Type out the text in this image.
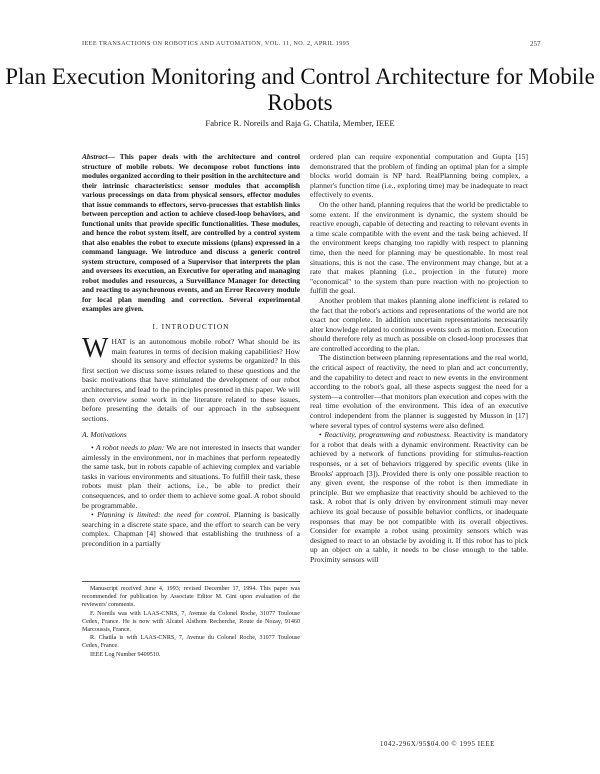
IEEE TRANSACTIONS ON ROBOTICS AND AUTOMATION, VOL. 11, NO. 2, APRIL 1995	257
Plan Execution Monitoring and Control Architecture for Mobile Robots
Fabrice R. Noreils and Raja G. Chatila, Member, IEEE

Abstract— This paper deals with the architecture and control structure of mobile robots. We decompose robot functions into modules organized according to their position in the architecture and their intrinsic characteristics: sensor modules that accomplish various processings on data from physical sensors, effector modules that issue commands to effectors, servo-processes that establish links between perception and action to achieve closed-loop behaviors, and functional units that provide specific functionalities. These modules, and hence the robot system itself, are controlled by a control system that also enables the robot to execute missions (plans) expressed in a command language. We introduce and discuss a generic control system structure, composed of a Supervisor that interprets the plan and oversees its execution, an Executive for operating and managing robot modules and resources, a Surveillance Manager for detecting and reacting to asynchronous events, and an Error Recovery module for local plan mending and correction. Several experimental examples are given.

I. INTRODUCTION

WHAT is an autonomous mobile robot? What should be its main features in terms of decision making capabilities? How should its sensory and effector systems be organized? In this first section we discuss some issues related to these questions and the basic motivations that have stimulated the development of our robot architectures, and lead to the principles presented in this paper. We will then overview some work in the literature related to these issues, before presenting the details of our approach in the subsequent sections.

A. Motivations

• A robot needs to plan: We are not interested in insects that wander aimlessly in the environment, nor in machines that perform repeatedly the same task, but in robots capable of achieving complex and variable tasks in various environments and situations. To fulfill their task, these robots must plan their actions, i.e., be able to predict their consequences, and to order them to achieve some goal. A robot should be programmable.

• Planning is limited: the need for control. Planning is basically searching in a discrete state space, and the effort to search can be very complex. Chapman [4] showed that establishing the truthness of a precondition in a partially

Manuscript received June 4, 1993; revised December 17, 1994. This paper was recommended for publication by Associate Editor M. Gini upon evaluation of the reviewers' comments.

F. Noreils was with LAAS-CNRS, 7, Avenue du Colonel Roche, 31077 Toulouse Cedex, France. He is now with Alcatel Alsthom Recherche, Route de Nozay, 91460 Marcoussis, France.

R. Chatila is with LAAS-CNRS, 7, Avenue du Colonel Roche, 31077 Toulouse Cedex, France.

IEEE Log Number 9409510.

ordered plan can require exponential computation and Gupta [15] demonstrated that the problem of finding an optimal plan for a simple blocks world domain is NP hard. RealPlanning being complex, a planner's function time (i.e., exploring time) may be inadequate to react effectively to events.

On the other hand, planning requires that the world be predictable to some extent. If the environment is dynamic, the system should be reactive enough, capable of detecting and reacting to relevant events in a time scale compatible with the event and the task being achieved. If the environment keeps changing too rapidly with respect to planning time, then the need for planning may be questionable. In most real situations, this is not the case. The environment may change, but at a rate that makes planning (i.e., projection in the future) more "economical" to the system than pure reaction with no projection to fulfill the goal.

Another problem that makes planning alone inefficient is related to the fact that the robot's actions and representations of the world are not exact nor complete. In addition uncertain representations necessarily alter knowledge related to continuous events such as motion. Execution should therefore rely as much as possible on closed-loop processes that are controlled according to the plan.

The distinction between planning representations and the real world, the critical aspect of reactivity, the need to plan and act concurrently, and the capability to detect and react to new events in the environment according to the robot's goal, all these aspects suggest the need for a system—a controller—that monitors plan execution and copes with the real time evolution of the environment. This idea of an executive control independent from the planner is suggested by Musson in [17] where several types of control systems were also defined.

• Reactivity, programming and robustness. Reactivity is mandatory for a robot that deals with a dynamic environment. Reactivity can be achieved by a network of functions providing for stimulus-reaction responses, or a set of behaviors triggered by specific events (like in Brooks' approach [3]). Provided there is only one possible reaction to any given event, the response of the robot is then immediate in principle. But we emphasize that reactivity should be achieved to the task. A robot that is only driven by environment stimuli may never achieve its goal because of possible behavior conflicts, or inadequate responses that may be not compatible with its overall objectives. Consider for example a robot using proximity sensors which was designed to react to an obstacle by avoiding it. If this robot has to pick up an object on a table, it needs to be close enough to the table. Proximity sensors will

1042-296X/95$04.00 © 1995 IEEE
